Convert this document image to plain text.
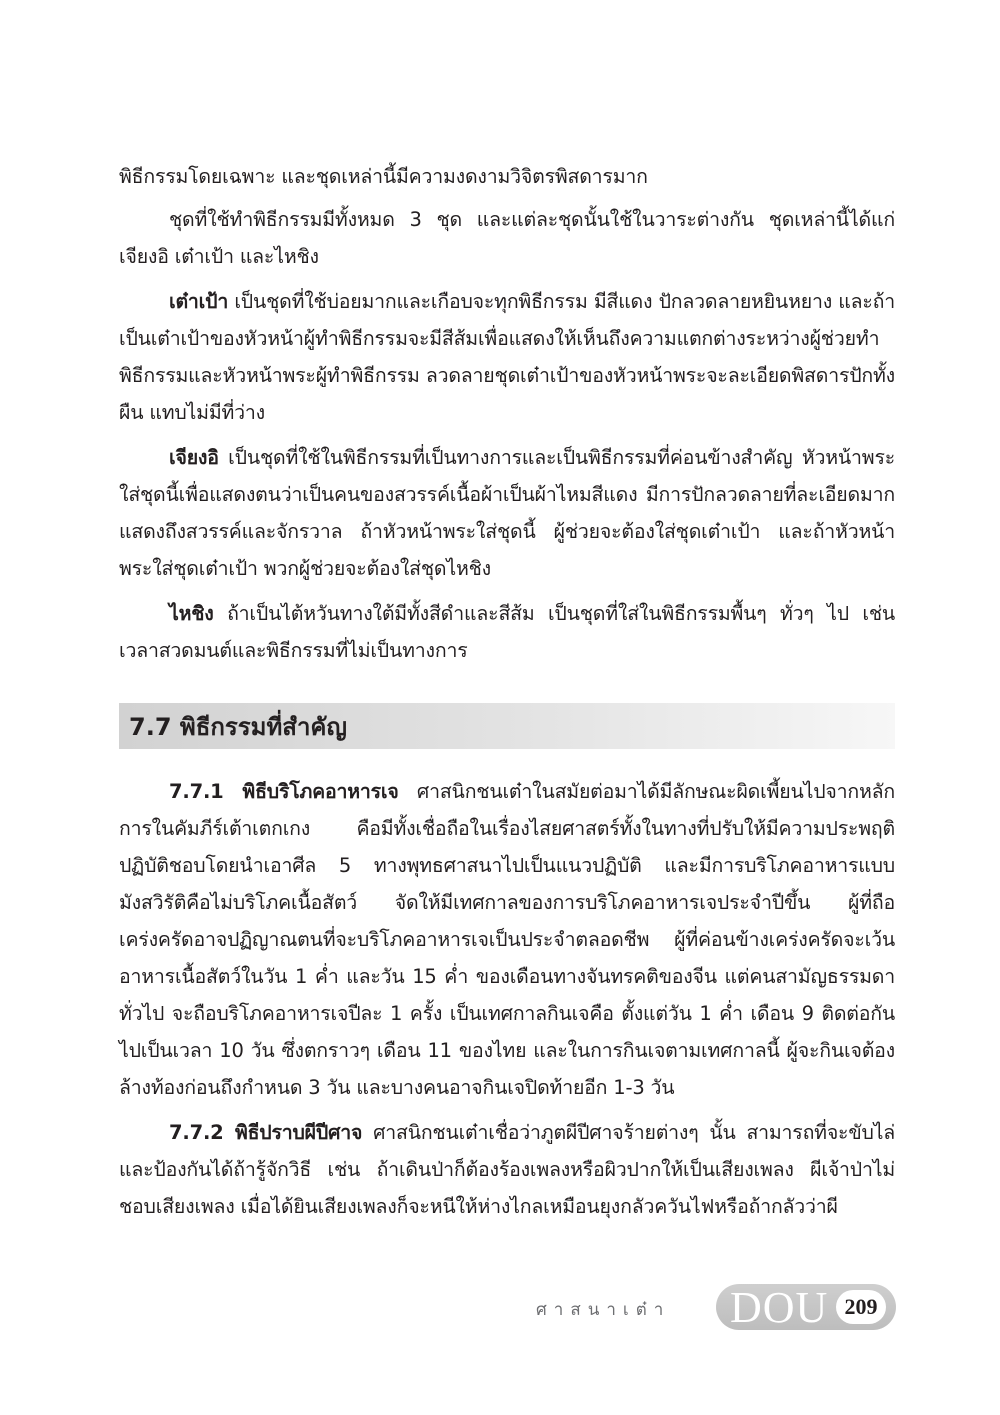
พิธีกรรมโดยเฉพาะ และชุดเหล่านี้มีความงดงามวิจิตรพิสดารมาก

ชุดที่ใช้ทำพิธีกรรมมีทั้งหมด 3 ชุด และแต่ละชุดนั้นใช้ในวาระต่างกัน ชุดเหล่านี้ได้แก่ เจียงอิ เต๋าเป้า และไหชิง

เต๋าเป้า เป็นชุดที่ใช้บ่อยมากและเกือบจะทุกพิธีกรรม มีสีแดง ปักลวดลายหยินหยาง และถ้าเป็นเต๋าเป้าของหัวหน้าผู้ทำพิธีกรรมจะมีสีส้มเพื่อแสดงให้เห็นถึงความแตกต่างระหว่างผู้ช่วยทำพิธีกรรมและหัวหน้าพระผู้ทำพิธีกรรม ลวดลายชุดเต๋าเป้าของหัวหน้าพระจะละเอียดพิสดารปักทั้งผืน แทบไม่มีที่ว่าง

เจียงอิ เป็นชุดที่ใช้ในพิธีกรรมที่เป็นทางการและเป็นพิธีกรรมที่ค่อนข้างสำคัญ หัวหน้าพระใส่ชุดนี้เพื่อแสดงตนว่าเป็นคนของสวรรค์เนื้อผ้าเป็นผ้าไหมสีแดง มีการปักลวดลายที่ละเอียดมากแสดงถึงสวรรค์และจักรวาล ถ้าหัวหน้าพระใส่ชุดนี้ ผู้ช่วยจะต้องใส่ชุดเต๋าเป้า และถ้าหัวหน้า พระใส่ชุดเต๋าเป้า พวกผู้ช่วยจะต้องใส่ชุดไหชิง

ไหชิง ถ้าเป็นไต้หวันทางใต้มีทั้งสีดำและสีส้ม เป็นชุดที่ใส่ในพิธีกรรมพื้นๆ ทั่วๆ ไป เช่น เวลาสวดมนต์และพิธีกรรมที่ไม่เป็นทางการ

7.7 พิธีกรรมที่สำคัญ

7.7.1 พิธีบริโภคอาหารเจ ศาสนิกชนเต๋าในสมัยต่อมาได้มีลักษณะผิดเพี้ยนไปจากหลักการในคัมภีร์เต้าเตกเกง คือมีทั้งเชื่อถือในเรื่องไสยศาสตร์ทั้งในทางที่ปรับให้มีความประพฤติปฏิบัติชอบโดยนำเอาศีล 5 ทางพุทธศาสนาไปเป็นแนวปฏิบัติ และมีการบริโภคอาหารแบบมังสวิรัติคือไม่บริโภคเนื้อสัตว์ จัดให้มีเทศกาลของการบริโภคอาหารเจประจำปีขึ้น ผู้ที่ถือเคร่งครัดอาจปฏิญาณตนที่จะบริโภคอาหารเจเป็นประจำตลอดชีพ ผู้ที่ค่อนข้างเคร่งครัดจะเว้นอาหารเนื้อสัตว์ในวัน 1 ค่ำ และวัน 15 ค่ำ ของเดือนทางจันทรคติของจีน แต่คนสามัญธรรมดาทั่วไป จะถือบริโภคอาหารเจปีละ 1 ครั้ง เป็นเทศกาลกินเจคือ ตั้งแต่วัน 1 ค่ำ เดือน 9 ติดต่อกันไปเป็นเวลา 10 วัน ซึ่งตกราวๆ เดือน 11 ของไทย และในการกินเจตามเทศกาลนี้ ผู้จะกินเจต้องล้างท้องก่อนถึงกำหนด 3 วัน และบางคนอาจกินเจปิดท้ายอีก 1-3 วัน

7.7.2 พิธีปราบผีปีศาจ ศาสนิกชนเต๋าเชื่อว่าภูตผีปีศาจร้ายต่างๆ นั้น สามารถที่จะขับไล่และป้องกันได้ถ้ารู้จักวิธี เช่น ถ้าเดินป่าก็ต้องร้องเพลงหรือผิวปากให้เป็นเสียงเพลง ผีเจ้าป่าไม่ชอบเสียงเพลง เมื่อได้ยินเสียงเพลงก็จะหนีให้ห่างไกลเหมือนยุงกลัวควันไฟหรือถ้ากลัวว่าผี

ศาสนาเต๋า DOU 209
